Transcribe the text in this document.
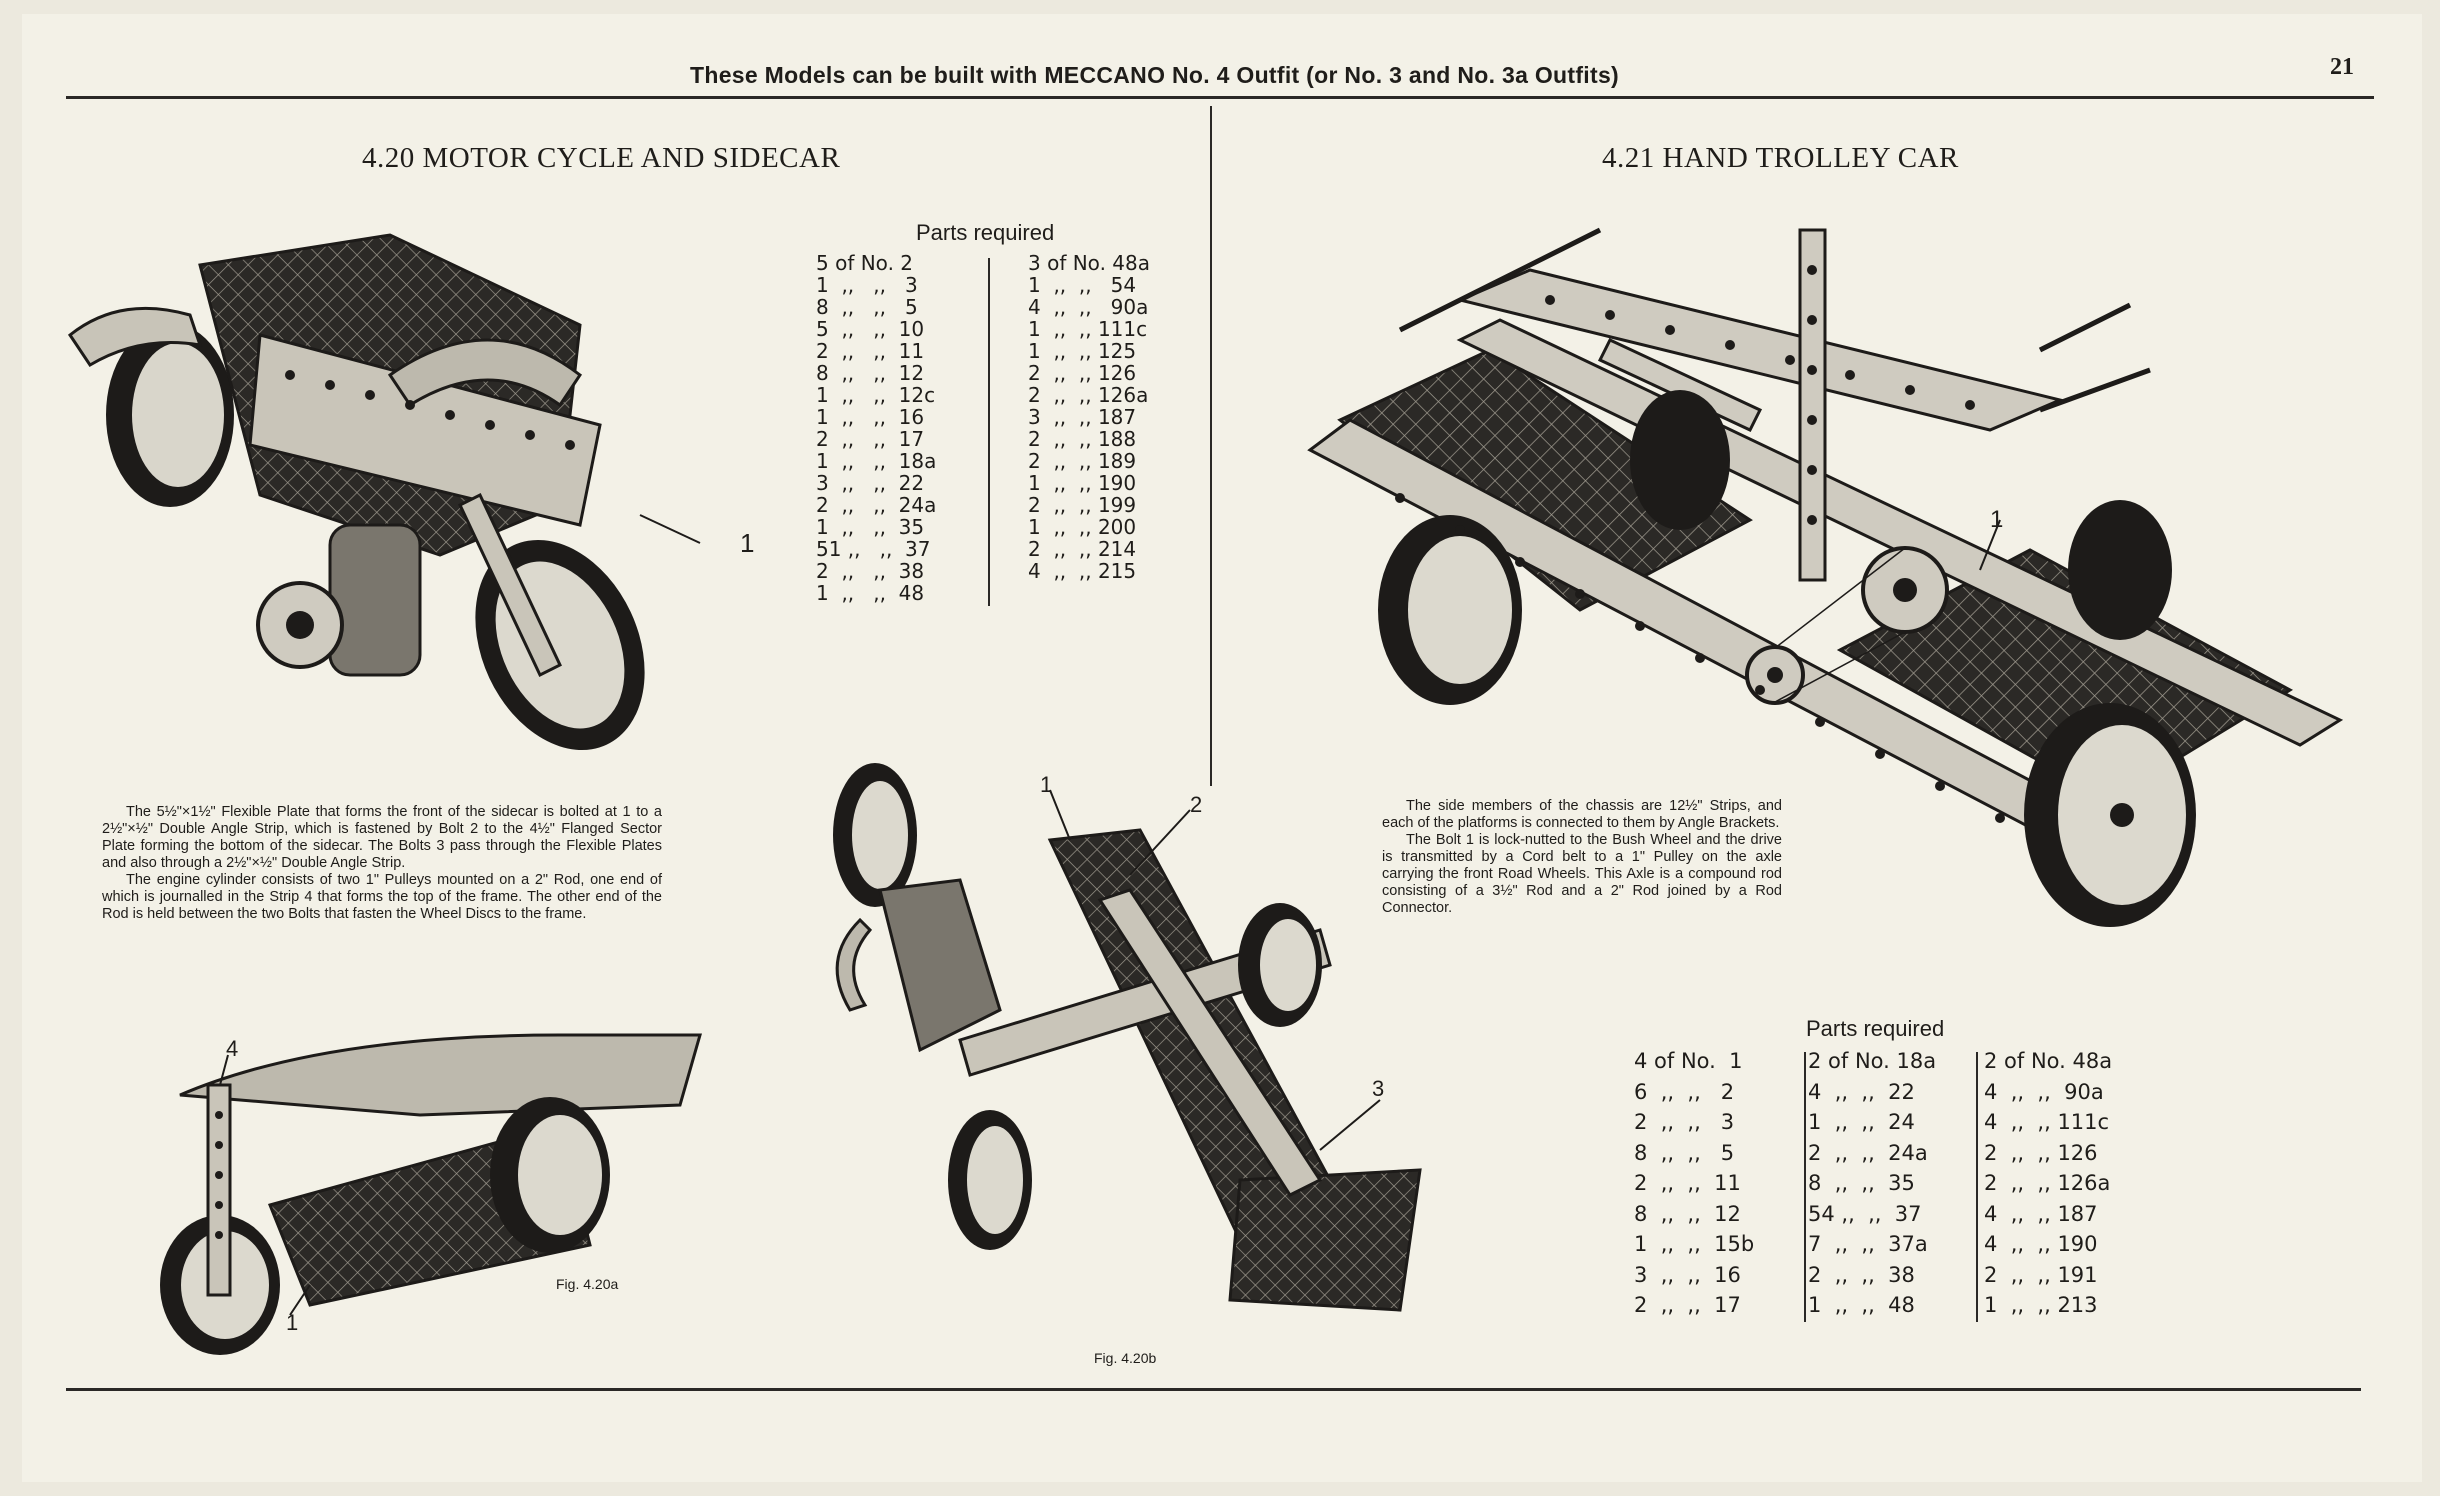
These Models can be built with MECCANO No. 4 Outfit (or No. 3 and No. 3a Outfits)	21
4.20 MOTOR CYCLE AND SIDECAR
Parts required
5 of No. 2
1  ,,   ,,   3
8  ,,   ,,   5
5  ,,   ,,  10
2  ,,   ,,  11
8  ,,   ,,  12
1  ,,   ,,  12c
1  ,,   ,,  16
2  ,,   ,,  17
1  ,,   ,,  18a
3  ,,   ,,  22
2  ,,   ,,  24a
1  ,,   ,,  35
51 ,,   ,,  37
2  ,,   ,,  38
1  ,,   ,,  48
3 of No. 48a
1  ,,  ,,   54
4  ,,  ,,   90a
1  ,,  ,, 111c
1  ,,  ,, 125
2  ,,  ,, 126
2  ,,  ,, 126a
3  ,,  ,, 187
2  ,,  ,, 188
2  ,,  ,, 189
1  ,,  ,, 190
2  ,,  ,, 199
1  ,,  ,, 200
2  ,,  ,, 214
4  ,,  ,, 215
1

The 5½"×1½" Flexible Plate that forms the front of the sidecar is bolted at 1 to a 2½"×½" Double Angle Strip, which is fastened by Bolt 2 to the 4½" Flanged Sector Plate forming the bottom of the sidecar. The Bolts 3 pass through the Flexible Plates and also through a 2½"×½" Double Angle Strip.

The engine cylinder consists of two 1" Pulleys mounted on a 2" Rod, one end of which is journalled in the Strip 4 that forms the top of the frame. The other end of the Rod is held between the two Bolts that fasten the Wheel Discs to the frame.

4
1
Fig. 4.20a
1
2
3
Fig. 4.20b
4.21 HAND TROLLEY CAR
1

The side members of the chassis are 12½" Strips, and each of the platforms is connected to them by Angle Brackets.

The Bolt 1 is lock-nutted to the Bush Wheel and the drive is transmitted by a Cord belt to a 1" Pulley on the axle carrying the front Road Wheels. This Axle is a compound rod consisting of a 3½" Rod and a 2" Rod joined by a Rod Connector.

Parts required
4 of No.  1
6  ,,  ,,   2
2  ,,  ,,   3
8  ,,  ,,   5
2  ,,  ,,  11
8  ,,  ,,  12
1  ,,  ,,  15b
3  ,,  ,,  16
2  ,,  ,,  17
2 of No. 18a
4  ,,  ,,  22
1  ,,  ,,  24
2  ,,  ,,  24a
8  ,,  ,,  35
54 ,,  ,,  37
7  ,,  ,,  37a
2  ,,  ,,  38
1  ,,  ,,  48
2 of No. 48a
4  ,,  ,,  90a
4  ,,  ,, 111c
2  ,,  ,, 126
2  ,,  ,, 126a
4  ,,  ,, 187
4  ,,  ,, 190
2  ,,  ,, 191
1  ,,  ,, 213
